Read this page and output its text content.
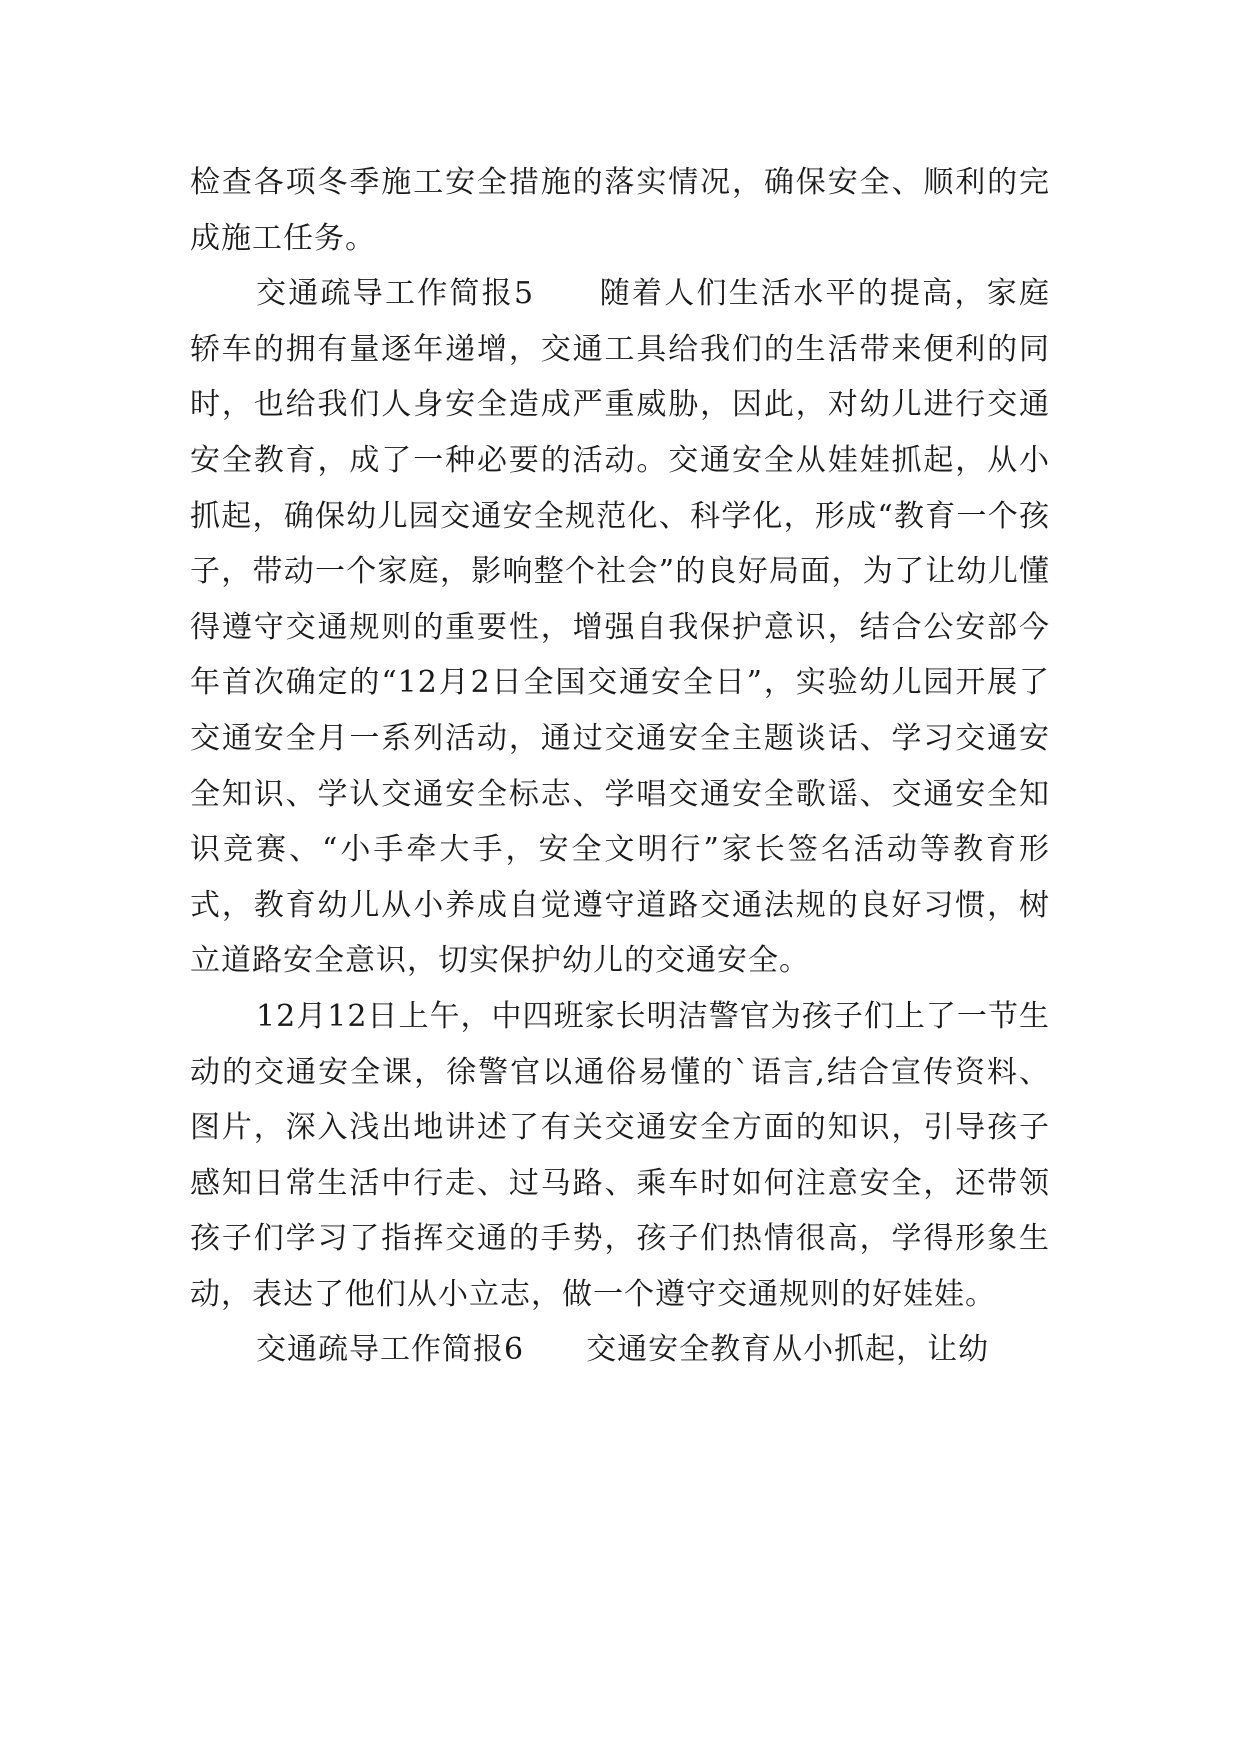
检查各项冬季施工安全措施的落实情况，确保安全、顺利的完成施工任务。

交通疏导工作简报5　　随着人们生活水平的提高，家庭轿车的拥有量逐年递增，交通工具给我们的生活带来便利的同时，也给我们人身安全造成严重威胁，因此，对幼儿进行交通安全教育，成了一种必要的活动。交通安全从娃娃抓起，从小抓起，确保幼儿园交通安全规范化、科学化，形成“教育一个孩子，带动一个家庭，影响整个社会”的良好局面，为了让幼儿懂得遵守交通规则的重要性，增强自我保护意识，结合公安部今年首次确定的“12月2日全国交通安全日”，实验幼儿园开展了交通安全月一系列活动，通过交通安全主题谈话、学习交通安全知识、学认交通安全标志、学唱交通安全歌谣、交通安全知识竞赛、“小手牵大手，安全文明行”家长签名活动等教育形式，教育幼儿从小养成自觉遵守道路交通法规的良好习惯，树立道路安全意识，切实保护幼儿的交通安全。

12月12日上午，中四班家长明洁警官为孩子们上了一节生动的交通安全课，徐警官以通俗易懂的`语言,结合宣传资料、图片，深入浅出地讲述了有关交通安全方面的知识，引导孩子感知日常生活中行走、过马路、乘车时如何注意安全，还带领孩子们学习了指挥交通的手势，孩子们热情很高，学得形象生动，表达了他们从小立志，做一个遵守交通规则的好娃娃。

交通疏导工作简报6　　交通安全教育从小抓起，让幼
